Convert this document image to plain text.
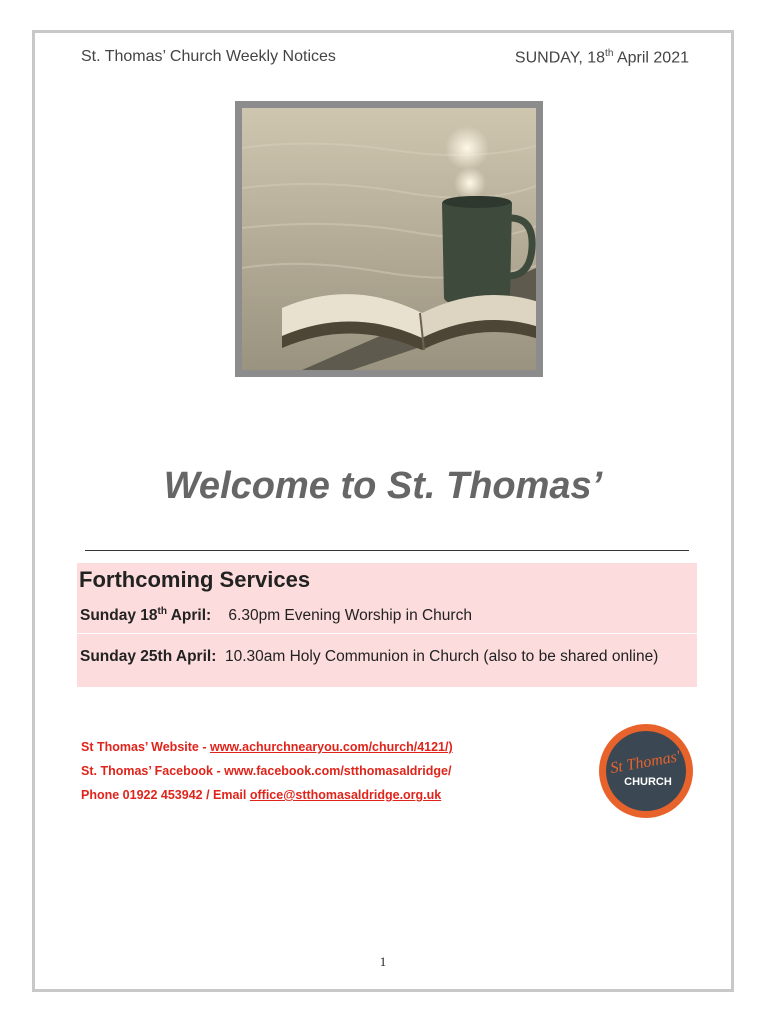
St. Thomas’ Church Weekly Notices	SUNDAY, 18th April 2021
Welcome to St. Thomas’
Forthcoming Services
Sunday 18th April: 6.30pm Evening Worship in Church
Sunday 25th April: 10.30am Holy Communion in Church (also to be shared online)
St Thomas’ Website - www.achurchnearyou.com/church/4121/)
St. Thomas’ Facebook - www.facebook.com/stthomasaldridge/
Phone 01922 453942 / Email office@stthomasaldridge.org.uk
St Thomas'
CHURCH
1
